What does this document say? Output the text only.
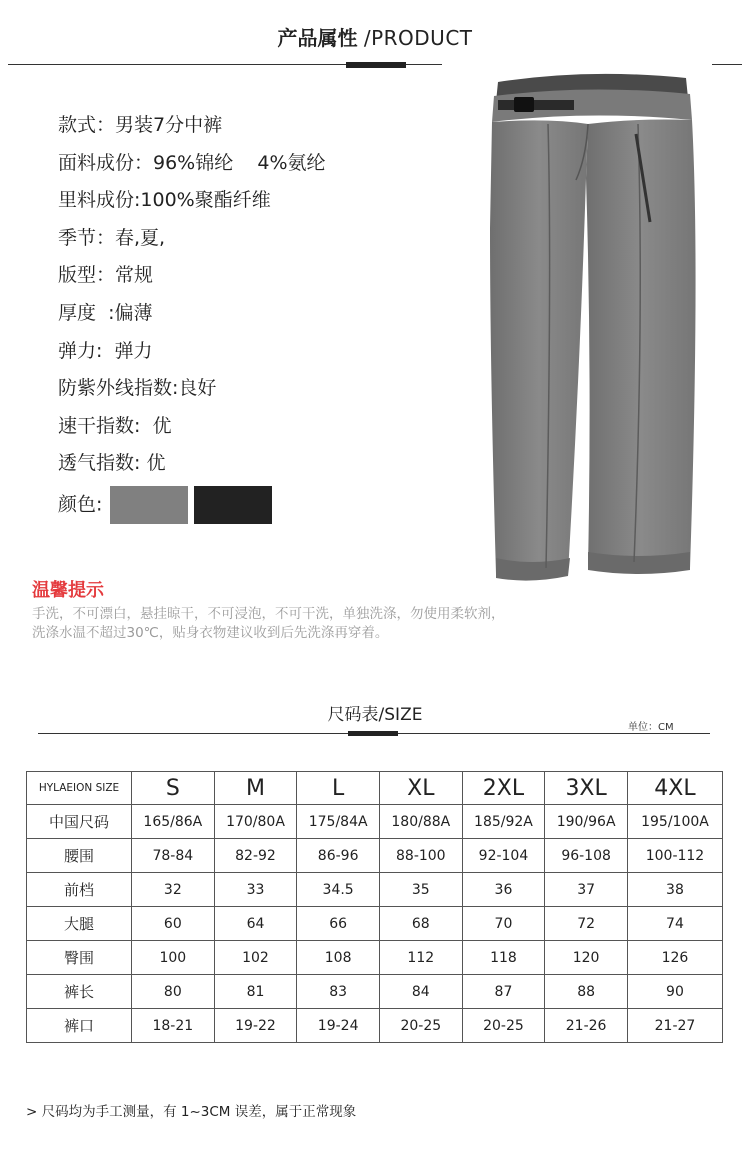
产品属性 /PRODUCT
款式：男装7分中裤
面料成份：96%锦纶    4%氨纶
里料成份:100%聚酯纤维
季节：春,夏,
版型：常规
厚度  :偏薄
弹力:  弹力
防紫外线指数:良好
速干指数:  优
透气指数: 优
颜色:
温馨提示
手洗，不可漂白，悬挂晾干，不可浸泡，不可干洗，单独洗涤，勿使用柔软剂，
洗涤水温不超过30℃，贴身衣物建议收到后先洗涤再穿着。
尺码表/SIZE
单位：CM
HYLAEION SIZE	S	M	L	XL	2XL	3XL	4XL
中国尺码	165/86A	170/80A	175/84A	180/88A	185/92A	190/96A	195/100A
腰围	78-84	82-92	86-96	88-100	92-104	96-108	100-112
前档	32	33	34.5	35	36	37	38
大腿	60	64	66	68	70	72	74
臀围	100	102	108	112	118	120	126
裤长	80	81	83	84	87	88	90
裤口	18-21	19-22	19-24	20-25	20-25	21-26	21-27
> 尺码均为手工测量，有 1~3CM 误差，属于正常现象
